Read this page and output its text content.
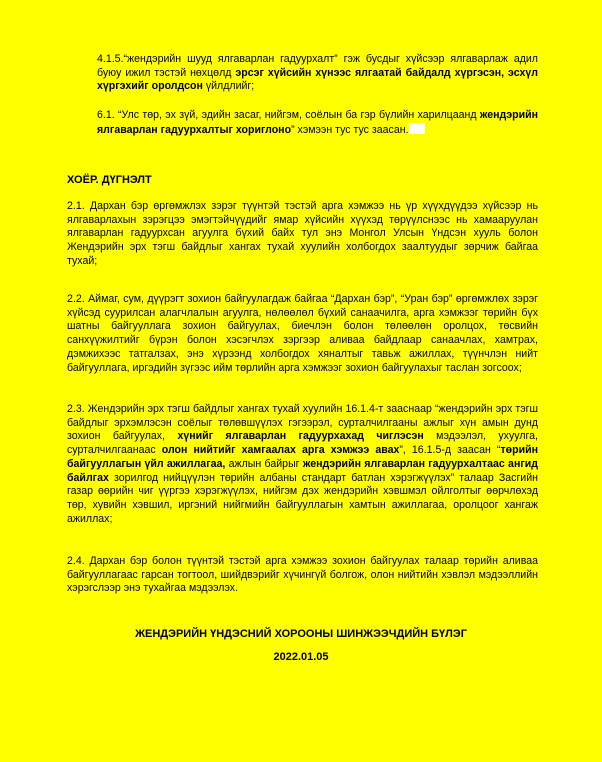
4.1.5.“жендэрийн шууд ялгаварлан гадуурхалт” гэж бусдыг хүйсээр ялгаварлаж адил буюу ижил тэстэй нөхцөлд эрсэг хүйсийн хүнээс ялгаатай байдалд хүргэсэн, эсхүл хүргэхийг оролдсон үйлдлийг;

6.1. “Улс төр, эх зүй, эдийн засаг, нийгэм, соёлын ба гэр бүлийн харилцаанд жендэрийн ялгаварлан гадуурхалтыг хориглоно” хэмээн тус тус заасан.

ХОЁР. ДҮГНЭЛТ

2.1. Дархан бэр өргөмжлэх зэрэг түүнтэй тэстэй арга хэмжээ нь үр хүүхдүүдээ хүйсээр нь ялгаварлахын зэрэгцээ эмэгтэйчүүдийг ямар хүйсийн хүүхэд төрүүлснээс нь хамааруулан ялгаварлан гадуурхсан агуулга бүхий байх тул энэ Монгол Улсын Үндсэн хууль болон Жендэрийн эрх тэгш байдлыг хангах тухай хуулийн холбогдох заалтуудыг зөрчиж байгаа тухай;

2.2. Аймаг, сум, дүүрэгт зохион байгуулагдаж байгаа “Дархан бэр”, “Уран бэр” өргөмжлөх зэрэг хүйсэд суурилсан алагчлалын агуулга, нөлөөлөл бүхий санаачилга, арга хэмжээг төрийн бүх шатны байгууллага зохион байгуулах, биечлэн болон төлөөлөн оролцох, төсвийн санхүүжилтийг бүрэн болон хэсэгчлэх зэргээр аливаа байдлаар санаачлах, хамтрах, дэмжихээс татгалзах, энэ хүрээнд холбогдох хяналтыг тавьж ажиллах, түүнчлэн нийт байгууллага, иргэдийн зүгээс ийм төрлийн арга хэмжээг зохион байгуулахыг таслан зогсоох;

2.3. Жендэрийн эрх тэгш байдлыг хангах тухай хуулийн 16.1.4-т зааснаар “жендэрийн эрх тэгш байдлыг эрхэмлэсэн соёлыг төлөвшүүлэх гэгээрэл, сурталчилгааны ажлыг хүн амын дунд зохион байгуулах, хүнийг ялгаварлан гадуурхахад чиглэсэн мэдээлэл, ухуулга, сурталчилгаанаас олон нийтийг хамгаалах арга хэмжээ авах”, 16.1.5-д заасан “төрийн байгууллагын үйл ажиллагаа, ажлын байрыг жендэрийн ялгаварлан гадуурхалтаас ангид байлгах зорилгод нийцүүлэн төрийн албаны стандарт батлан хэрэгжүүлэх” талаар Засгийн газар өөрийн чиг үүргээ хэрэгжүүлэх, нийгэм дэх жендэрийн хэвшмэл ойлголтыг өөрчлөхэд төр, хувийн хэвшил, иргэний нийгмийн байгууллагын хамтын ажиллагаа, оролцоог хангаж ажиллах;

2.4. Дархан бэр болон түүнтэй тэстэй арга хэмжээ зохион байгуулах талаар төрийн аливаа байгууллагаас гарсан тогтоол, шийдвэрийг хүчингүй болгож, олон нийтийн хэвлэл мэдээллийн хэрэгслээр энэ тухайгаа мэдээлэх.

ЖЕНДЭРИЙН ҮНДЭСНИЙ ХОРООНЫ ШИНЖЭЭЧДИЙН БҮЛЭГ
2022.01.05
